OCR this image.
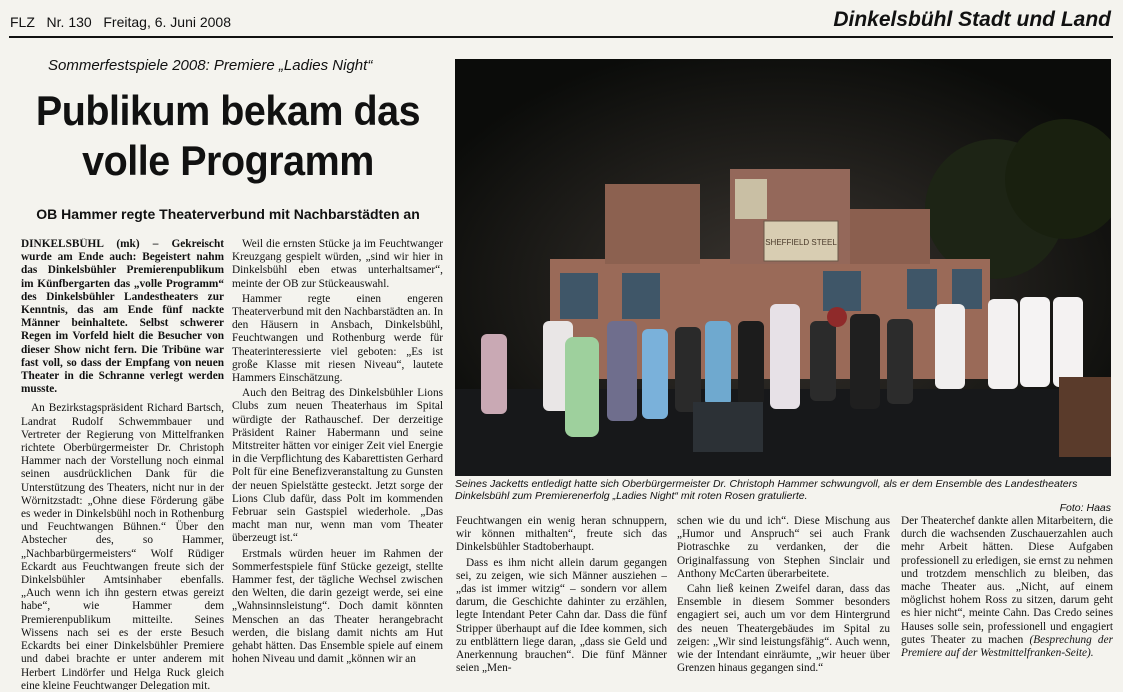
FLZ   Nr. 130   Freitag, 6. Juni 2008	Dinkelsbühl Stadt und Land
Sommerfestspiele 2008: Premiere „Ladies Night“
Publikum bekam das
volle Programm
OB Hammer regte Theaterverbund mit Nachbarstädten an

DINKELSBÜHL (mk) – Gekreischt wurde am Ende auch: Begeistert nahm das Dinkelsbühler Premierenpublikum im Künfbergarten das „volle Programm“ des Dinkelsbühler Landestheaters zur Kenntnis, das am Ende fünf nackte Männer beinhaltete. Selbst schwerer Regen im Vorfeld hielt die Besucher von dieser Show nicht fern. Die Tribüne war fast voll, so dass der Empfang von neuen Theater in die Schranne verlegt werden musste.

An Bezirkstagspräsident Richard Bartsch, Landrat Rudolf Schwemmbauer und Vertreter der Regierung von Mittelfranken richtete Oberbürgermeister Dr. Christoph Hammer nach der Vorstellung noch einmal seinen ausdrücklichen Dank für die Unterstützung des Theaters, nicht nur in der Wörnitzstadt: „Ohne diese Förderung gäbe es weder in Dinkelsbühl noch in Rothenburg und Feuchtwangen Bühnen.“ Über den Abstecher des, so Hammer, „Nachbarbürgermeisters“ Wolf Rüdiger Eckardt aus Feuchtwangen freute sich der Dinkelsbühler Amtsinhaber ebenfalls. „Auch wenn ich ihn gestern etwas gereizt habe“, wie Hammer dem Premierenpublikum mitteilte. Seines Wissens nach sei es der erste Besuch Eckardts bei einer Dinkelsbühler Premiere und dabei brachte er unter anderem mit Herbert Lindörfer und Helga Ruck gleich eine kleine Feuchtwanger Delegation mit.

Weil die ernsten Stücke ja im Feuchtwanger Kreuzgang gespielt würden, „sind wir hier in Dinkelsbühl eben etwas unterhaltsamer“, meinte der OB zur Stückeauswahl.

Hammer regte einen engeren Theaterverbund mit den Nachbarstädten an. In den Häusern in Ansbach, Dinkelsbühl, Feuchtwangen und Rothenburg werde für Theaterinteressierte viel geboten: „Es ist große Klasse mit riesen Niveau“, lautete Hammers Einschätzung.

Auch den Beitrag des Dinkelsbühler Lions Clubs zum neuen Theaterhaus im Spital würdigte der Rathauschef. Der derzeitige Präsident Rainer Habermann und seine Mitstreiter hätten vor einiger Zeit viel Energie in die Verpflichtung des Kabarettisten Gerhard Polt für eine Benefizveranstaltung zu Gunsten der neuen Spielstätte gesteckt. Jetzt sorge der Lions Club dafür, dass Polt im kommenden Februar sein Gastspiel wiederhole. „Das macht man nur, wenn man vom Theater überzeugt ist.“

Erstmals würden heuer im Rahmen der Sommerfestspiele fünf Stücke gezeigt, stellte Hammer fest, der tägliche Wechsel zwischen den Welten, die darin gezeigt werde, sei eine „Wahnsinnsleistung“. Doch damit könnten Menschen an das Theater herangebracht werden, die bislang damit nichts am Hut gehabt hätten. Das Ensemble spiele auf einem hohen Niveau und damit „können wir an

SHEFFIELD STEEL
Seines Jacketts entledigt hatte sich Oberbürgermeister Dr. Christoph Hammer schwungvoll, als er dem Ensemble des Landestheaters Dinkelsbühl zum Premierenerfolg „Ladies Night“ mit roten Rosen gratulierte.
Foto: Haas

Feuchtwangen ein wenig heran schnuppern, wir können mithalten“, freute sich das Dinkelsbühler Stadtoberhaupt.

Dass es ihm nicht allein darum gegangen sei, zu zeigen, wie sich Männer ausziehen – „das ist immer witzig“ – sondern vor allem darum, die Geschichte dahinter zu erzählen, legte Intendant Peter Cahn dar. Dass die fünf Stripper überhaupt auf die Idee kommen, sich zu entblättern liege daran, „dass sie Geld und Anerkennung brauchen“. Die fünf Männer seien „Men-

schen wie du und ich“. Diese Mischung aus „Humor und Anspruch“ sei auch Frank Piotraschke zu verdanken, der die Originalfassung von Stephen Sinclair und Anthony McCarten überarbeitete.

Cahn ließ keinen Zweifel daran, dass das Ensemble in diesem Sommer besonders engagiert sei, auch um vor dem Hintergrund des neuen Theatergebäudes im Spital zu zeigen: „Wir sind leistungsfähig“. Auch wenn, wie der Intendant einräumte, „wir heuer über Grenzen hinaus gegangen sind.“

Der Theaterchef dankte allen Mitarbeitern, die durch die wachsenden Zuschauerzahlen auch mehr Arbeit hätten. Diese Aufgaben professionell zu erledigen, sie ernst zu nehmen und trotzdem menschlich zu bleiben, das mache Theater aus. „Nicht, auf einem möglichst hohem Ross zu sitzen, darum geht es hier nicht“, meinte Cahn. Das Credo seines Hauses solle sein, professionell und engagiert gutes Theater zu machen (Besprechung der Premiere auf der Westmittelfranken-Seite).
